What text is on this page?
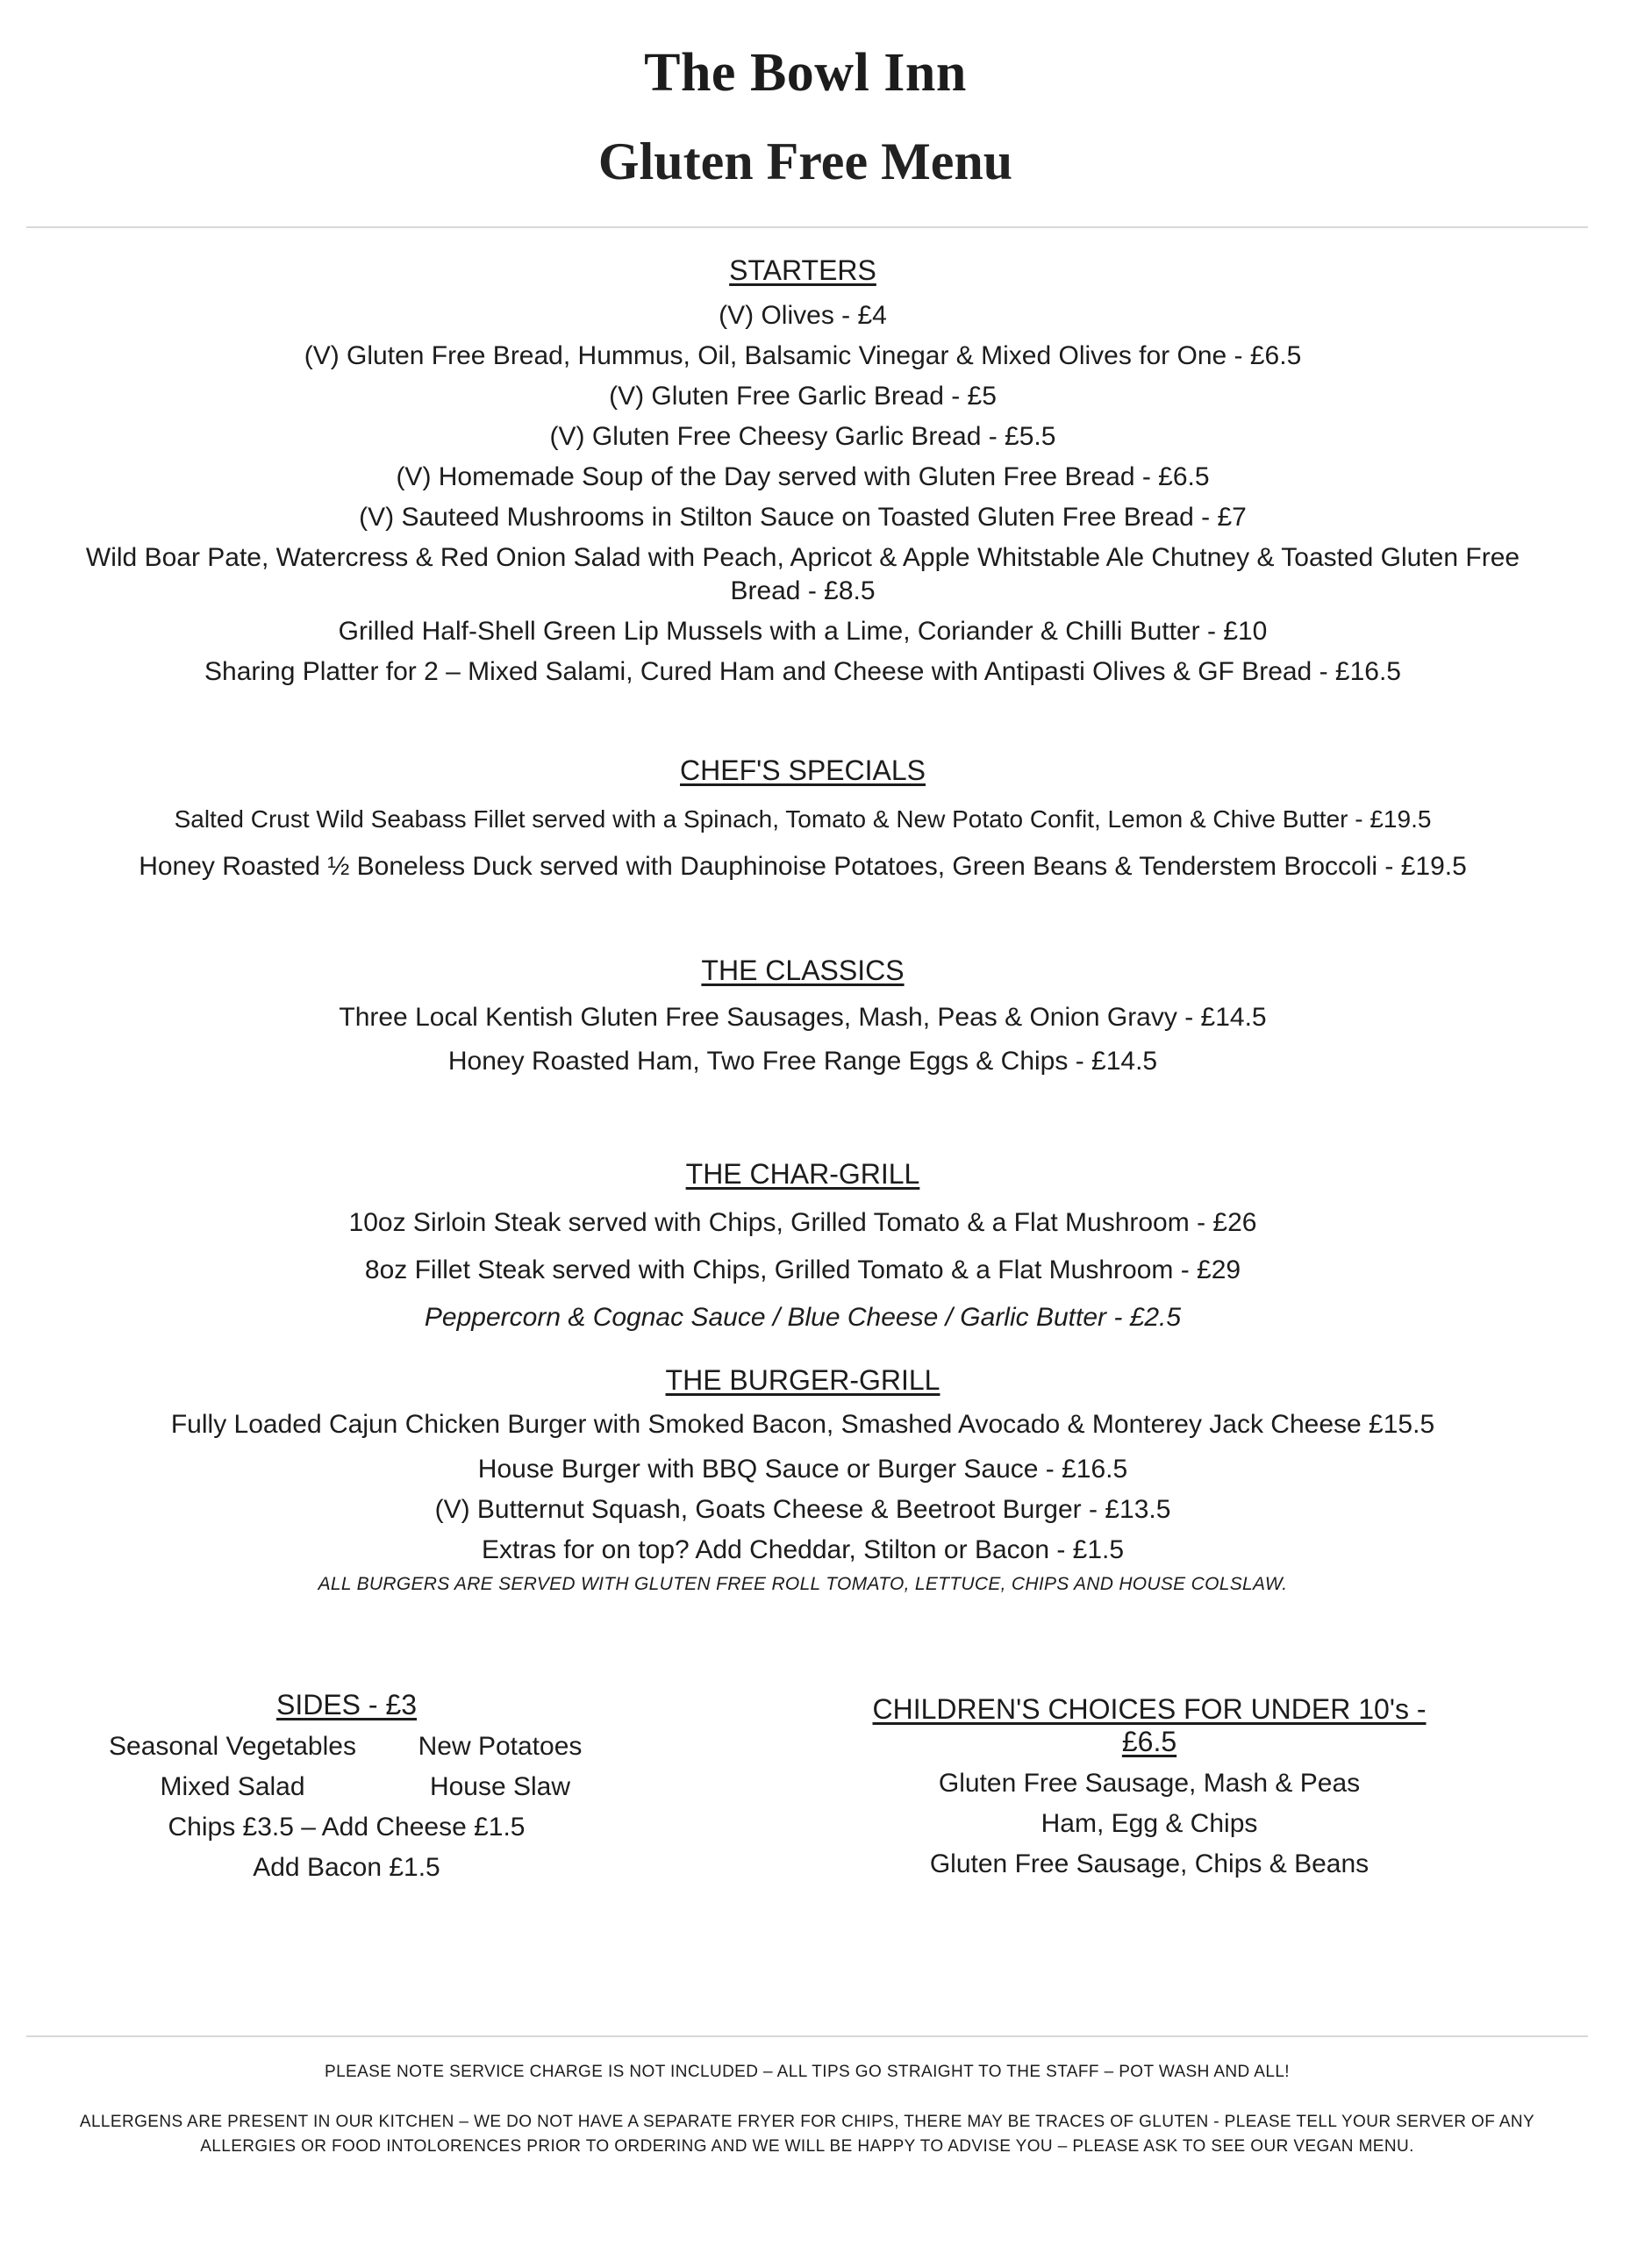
The Bowl Inn
Gluten Free Menu
STARTERS

(V) Olives - £4

(V) Gluten Free Bread, Hummus, Oil, Balsamic Vinegar & Mixed Olives for One - £6.5

(V) Gluten Free Garlic Bread - £5

(V) Gluten Free Cheesy Garlic Bread - £5.5

(V) Homemade Soup of the Day served with Gluten Free Bread - £6.5

(V) Sauteed Mushrooms in Stilton Sauce on Toasted Gluten Free Bread - £7

Wild Boar Pate, Watercress & Red Onion Salad with Peach, Apricot & Apple Whitstable Ale Chutney & Toasted Gluten Free Bread - £8.5

Grilled Half-Shell Green Lip Mussels with a Lime, Coriander & Chilli Butter - £10

Sharing Platter for 2 – Mixed Salami, Cured Ham and Cheese with Antipasti Olives & GF Bread - £16.5

CHEF'S SPECIALS

Salted Crust Wild Seabass Fillet served with a Spinach, Tomato & New Potato Confit, Lemon & Chive Butter - £19.5

Honey Roasted ½ Boneless Duck served with Dauphinoise Potatoes, Green Beans & Tenderstem Broccoli - £19.5

THE CLASSICS

Three Local Kentish Gluten Free Sausages, Mash, Peas & Onion Gravy - £14.5

Honey Roasted Ham, Two Free Range Eggs & Chips - £14.5

THE CHAR-GRILL

10oz Sirloin Steak served with Chips, Grilled Tomato & a Flat Mushroom - £26

8oz Fillet Steak served with Chips, Grilled Tomato & a Flat Mushroom - £29

Peppercorn & Cognac Sauce / Blue Cheese / Garlic Butter - £2.5

THE BURGER-GRILL

Fully Loaded Cajun Chicken Burger with Smoked Bacon, Smashed Avocado & Monterey Jack Cheese £15.5

House Burger with BBQ Sauce or Burger Sauce - £16.5

(V) Butternut Squash, Goats Cheese & Beetroot Burger - £13.5

Extras for on top? Add Cheddar, Stilton or Bacon - £1.5

ALL BURGERS ARE SERVED WITH GLUTEN FREE ROLL TOMATO, LETTUCE, CHIPS AND HOUSE COLSLAW.

SIDES - £3

Seasonal Vegetables	New Potatoes

Mixed Salad	House Slaw

Chips £3.5 – Add Cheese £1.5

Add Bacon £1.5

CHILDREN'S CHOICES FOR UNDER 10's - £6.5

Gluten Free Sausage, Mash & Peas

Ham, Egg & Chips

Gluten Free Sausage, Chips & Beans

PLEASE NOTE SERVICE CHARGE IS NOT INCLUDED – ALL TIPS GO STRAIGHT TO THE STAFF – POT WASH AND ALL!

ALLERGENS ARE PRESENT IN OUR KITCHEN – WE DO NOT HAVE A SEPARATE FRYER FOR CHIPS, THERE MAY BE TRACES OF GLUTEN - PLEASE TELL YOUR SERVER OF ANY

ALLERGIES OR FOOD INTOLORENCES PRIOR TO ORDERING AND WE WILL BE HAPPY TO ADVISE YOU – PLEASE ASK TO SEE OUR VEGAN MENU.
